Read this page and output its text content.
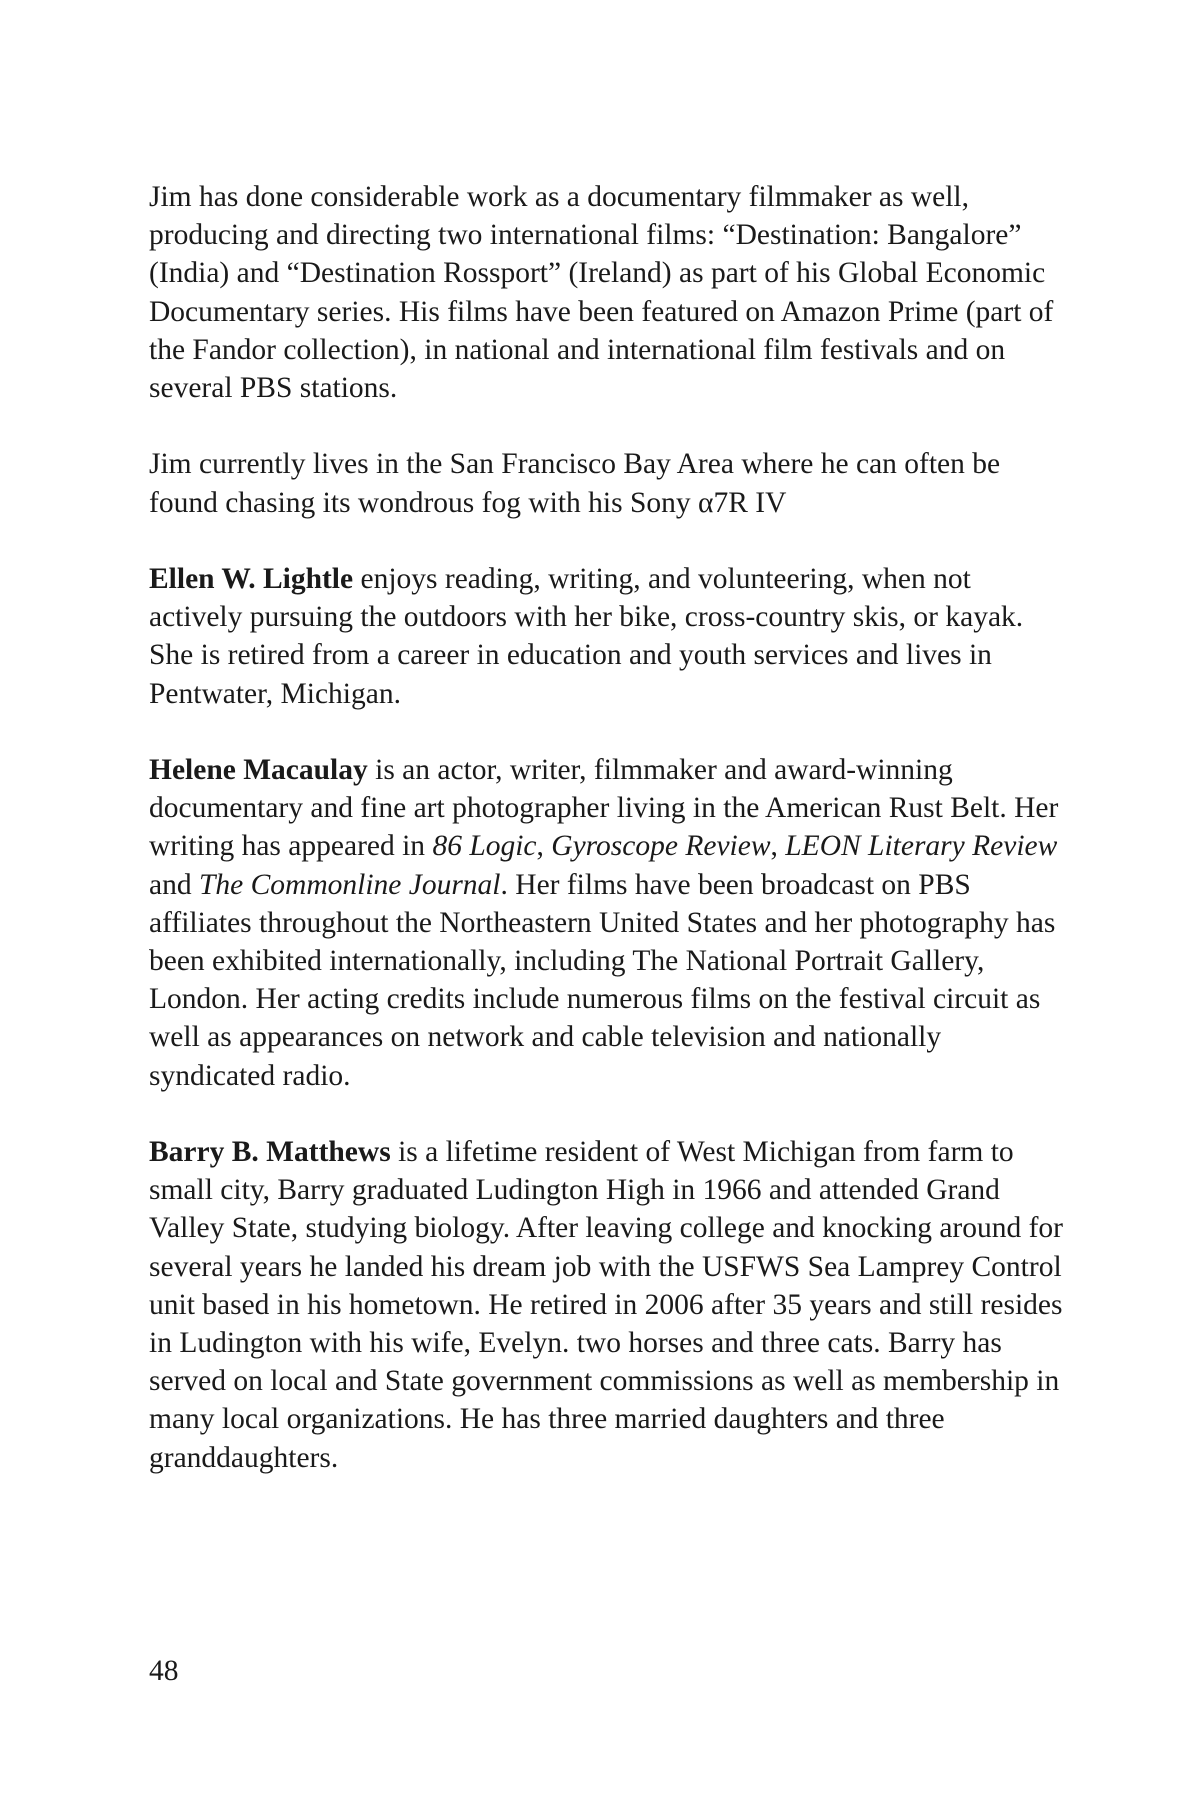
Jim has done considerable work as a documentary filmmaker as well, producing and directing two international films: “Destination: Bangalore” (India) and “Destination Rossport” (Ireland) as part of his Global Economic Documentary series. His films have been featured on Amazon Prime (part of the Fandor collection), in national and international film festivals and on several PBS stations.

Jim currently lives in the San Francisco Bay Area where he can often be found chasing its wondrous fog with his Sony α7R IV

Ellen W. Lightle enjoys reading, writing, and volunteering, when not actively pursuing the outdoors with her bike, cross-country skis, or kayak. She is retired from a career in education and youth services and lives in Pentwater, Michigan.

Helene Macaulay is an actor, writer, filmmaker and award-winning documentary and fine art photographer living in the American Rust Belt. Her writing has appeared in 86 Logic, Gyroscope Review, LEON Literary Review and The Commonline Journal. Her films have been broadcast on PBS affiliates throughout the Northeastern United States and her photography has been exhibited internationally, including The National Portrait Gallery, London. Her acting credits include numerous films on the festival circuit as well as appearances on network and cable television and nationally syndicated radio.

Barry B. Matthews is a lifetime resident of West Michigan from farm to small city, Barry graduated Ludington High in 1966 and attended Grand Valley State, studying biology. After leaving college and knocking around for several years he landed his dream job with the USFWS Sea Lamprey Control unit based in his hometown. He retired in 2006 after 35 years and still resides in Ludington with his wife, Evelyn. two horses and three cats. Barry has served on local and State government commissions as well as membership in many local organizations. He has three married daughters and three granddaughters.

48
